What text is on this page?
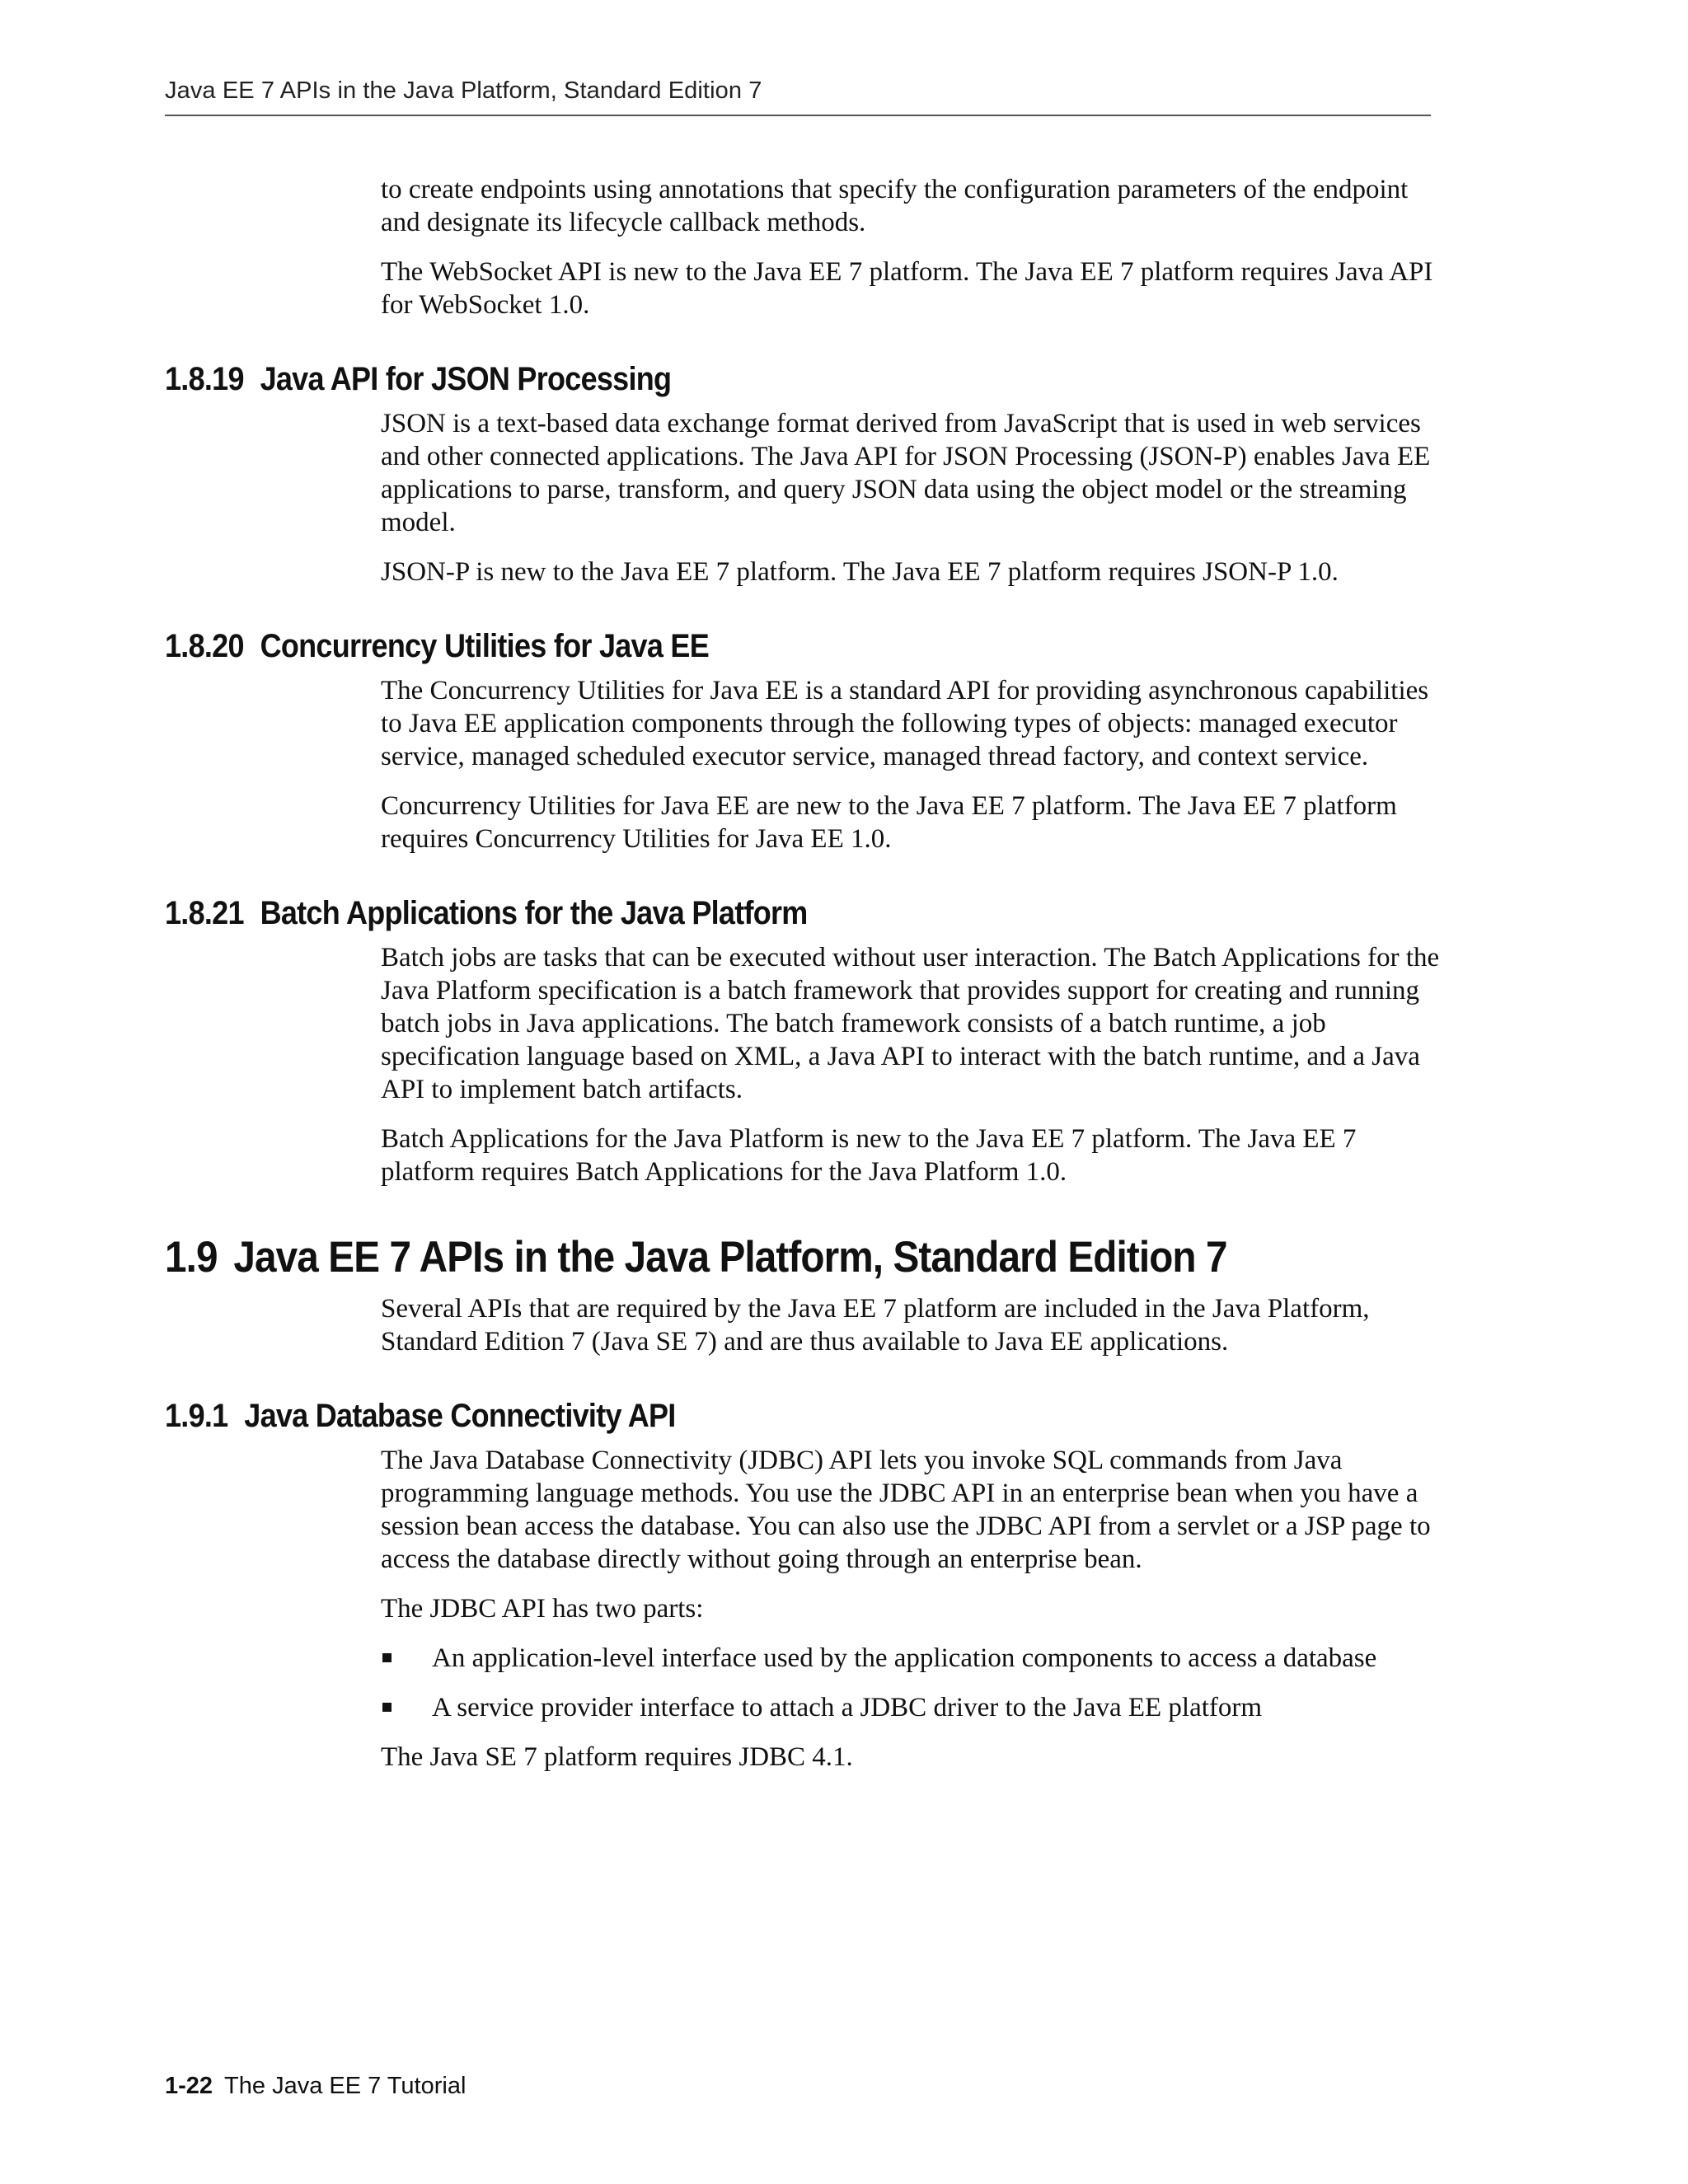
Java EE 7 APIs in the Java Platform, Standard Edition 7

to create endpoints using annotations that specify the configuration parameters of the endpoint and designate its lifecycle callback methods.

The WebSocket API is new to the Java EE 7 platform. The Java EE 7 platform requires Java API for WebSocket 1.0.

1.8.19 Java API for JSON Processing

JSON is a text-based data exchange format derived from JavaScript that is used in web services and other connected applications. The Java API for JSON Processing (JSON-P) enables Java EE applications to parse, transform, and query JSON data using the object model or the streaming model.

JSON-P is new to the Java EE 7 platform. The Java EE 7 platform requires JSON-P 1.0.

1.8.20 Concurrency Utilities for Java EE

The Concurrency Utilities for Java EE is a standard API for providing asynchronous capabilities to Java EE application components through the following types of objects: managed executor service, managed scheduled executor service, managed thread factory, and context service.

Concurrency Utilities for Java EE are new to the Java EE 7 platform. The Java EE 7 platform requires Concurrency Utilities for Java EE 1.0.

1.8.21 Batch Applications for the Java Platform

Batch jobs are tasks that can be executed without user interaction. The Batch Applications for the Java Platform specification is a batch framework that provides support for creating and running batch jobs in Java applications. The batch framework consists of a batch runtime, a job specification language based on XML, a Java API to interact with the batch runtime, and a Java API to implement batch artifacts.

Batch Applications for the Java Platform is new to the Java EE 7 platform. The Java EE 7 platform requires Batch Applications for the Java Platform 1.0.

1.9 Java EE 7 APIs in the Java Platform, Standard Edition 7

Several APIs that are required by the Java EE 7 platform are included in the Java Platform, Standard Edition 7 (Java SE 7) and are thus available to Java EE applications.

1.9.1 Java Database Connectivity API

The Java Database Connectivity (JDBC) API lets you invoke SQL commands from Java programming language methods. You use the JDBC API in an enterprise bean when you have a session bean access the database. You can also use the JDBC API from a servlet or a JSP page to access the database directly without going through an enterprise bean.

The JDBC API has two parts:

An application-level interface used by the application components to access a database
A service provider interface to attach a JDBC driver to the Java EE platform

The Java SE 7 platform requires JDBC 4.1.

1-22 The Java EE 7 Tutorial
